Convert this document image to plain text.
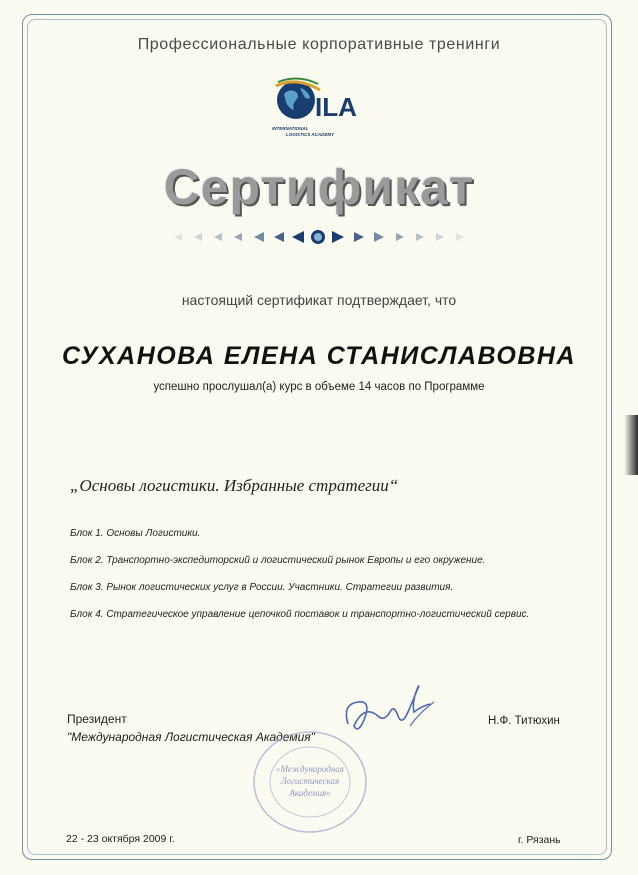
Профессиональные корпоративные тренинги
ILA
INTERNATIONAL
LOGISTICS ACADEMY
Сертификат
настоящий сертификат подтверждает, что
СУХАНОВА ЕЛЕНА СТАНИСЛАВОВНА
успешно прослушал(а) курс в объеме 14 часов по Программе
„Основы логистики. Избранные стратегии“
Блок 1. Основы Логистики.
Блок 2. Транспортно-экспедиторский и логистический рынок Европы и его окружение.
Блок 3. Рынок логистических услуг в России. Участники. Стратегии развития.
Блок 4. Стратегическое управление цепочкой поставок и транспортно-логистический сервис.
Президент
"Международная Логистическая Академия"
«Международная
Логистическая
Академия»
Н.Ф. Титюхин
22 - 23 октября 2009 г.	г. Рязань
